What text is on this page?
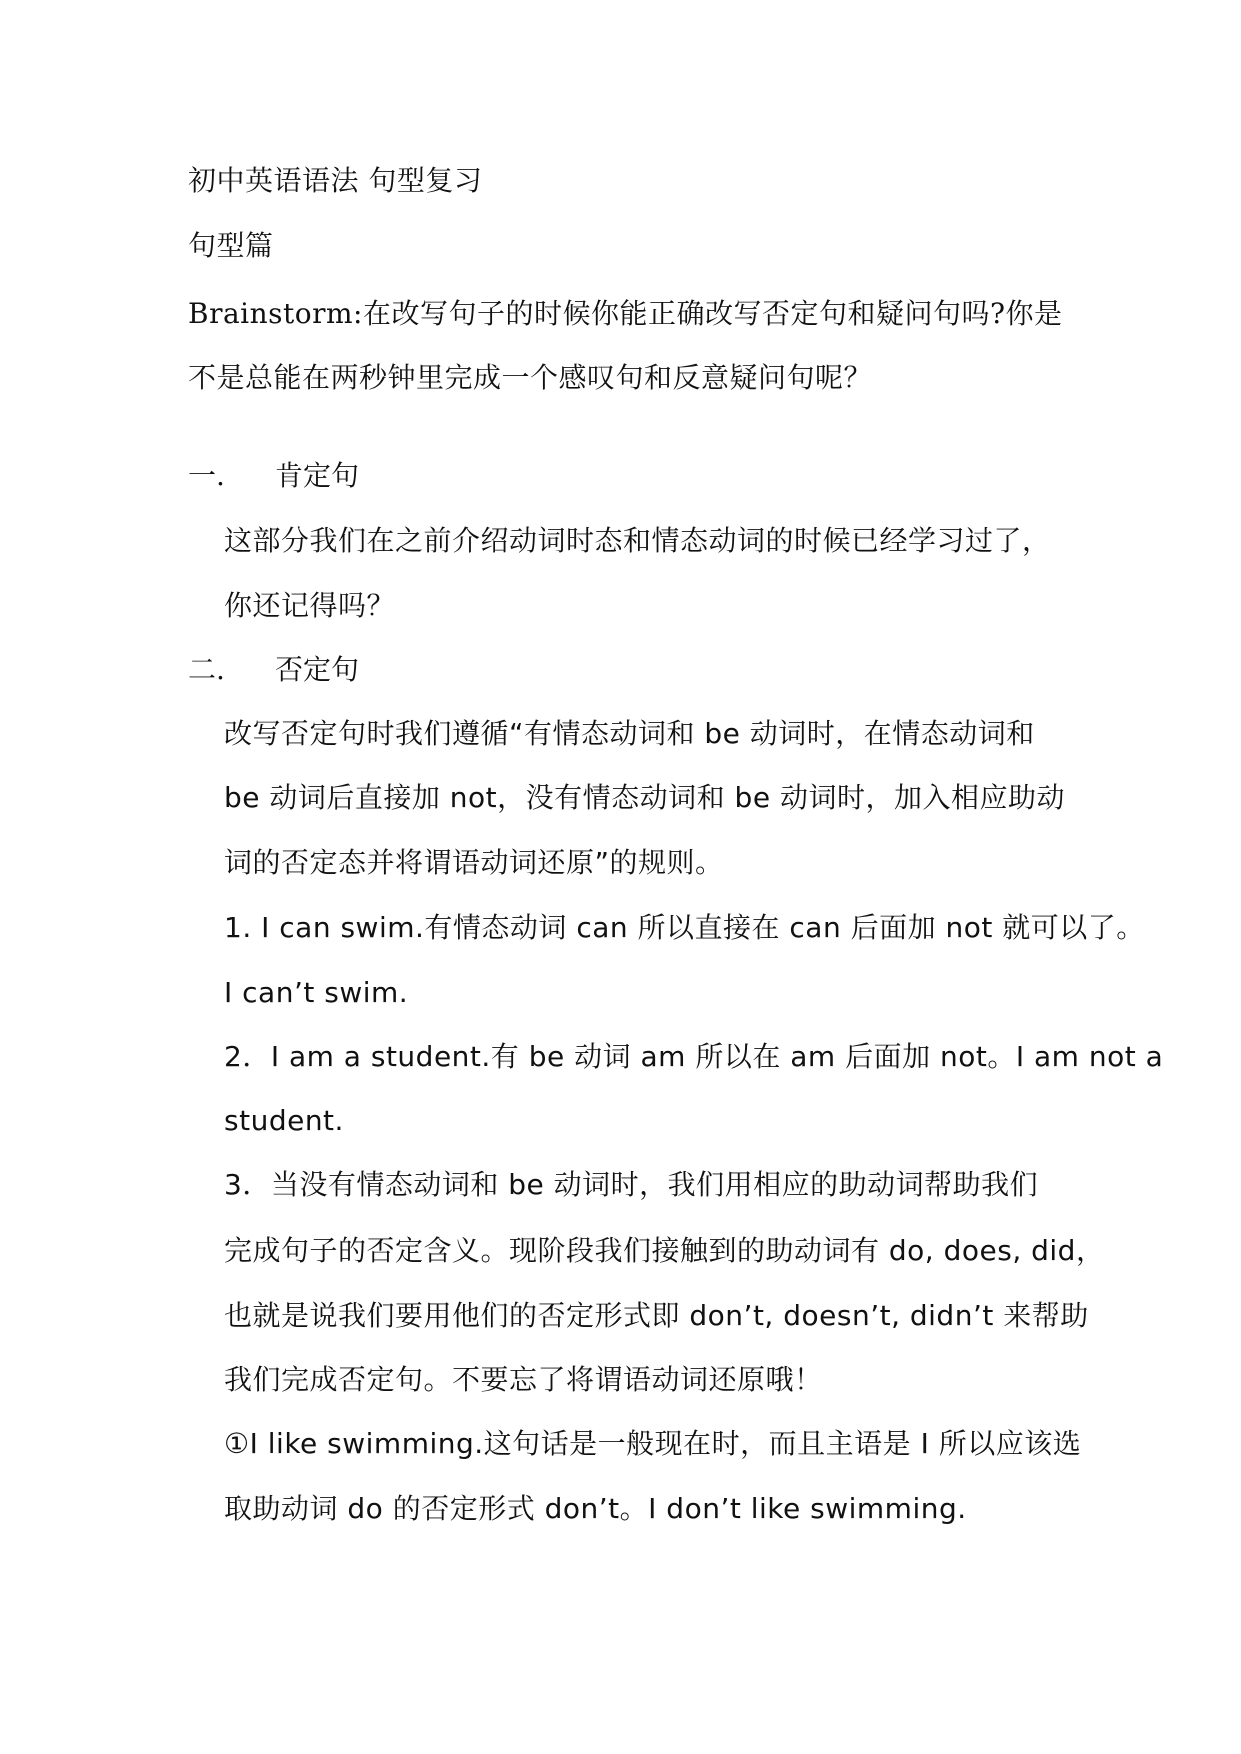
初中英语语法 句型复习
句型篇
Brainstorm:在改写句子的时候你能正确改写否定句和疑问句吗?你是
不是总能在两秒钟里完成一个感叹句和反意疑问句呢？
一. 肯定句
这部分我们在之前介绍动词时态和情态动词的时候已经学习过了，
你还记得吗？
二. 否定句
改写否定句时我们遵循“有情态动词和 be 动词时，在情态动词和
be 动词后直接加 not，没有情态动词和 be 动词时，加入相应助动
词的否定态并将谓语动词还原”的规则。
1. I can swim.有情态动词 can 所以直接在 can 后面加 not 就可以了。
I can’t swim.
2．I am a student.有 be 动词 am 所以在 am 后面加 not。I am not a
student.
3．当没有情态动词和 be 动词时，我们用相应的助动词帮助我们
完成句子的否定含义。现阶段我们接触到的助动词有 do, does, did，
也就是说我们要用他们的否定形式即 don’t, doesn’t, didn’t 来帮助
我们完成否定句。不要忘了将谓语动词还原哦！
①I like swimming.这句话是一般现在时，而且主语是 I 所以应该选
取助动词 do 的否定形式 don’t。I don’t like swimming.
